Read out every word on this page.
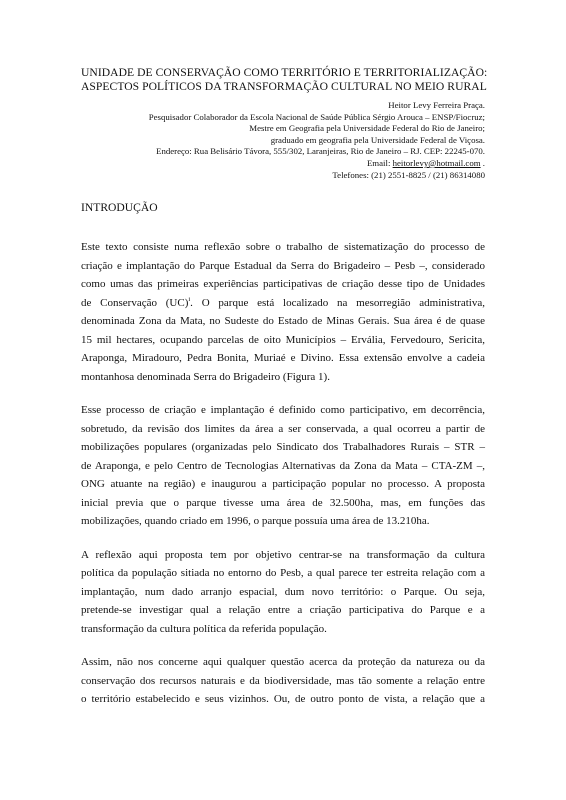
UNIDADE DE CONSERVAÇÃO COMO TERRITÓRIO E TERRITORIALIZAÇÃO:
ASPECTOS POLÍTICOS DA TRANSFORMAÇÃO CULTURAL NO MEIO RURAL
Heitor Levy Ferreira Praça.
Pesquisador Colaborador da Escola Nacional de Saúde Pública Sérgio Arouca – ENSP/Fiocruz;
Mestre em Geografia pela Universidade Federal do Rio de Janeiro;
graduado em geografia pela Universidade Federal de Viçosa.
Endereço: Rua Belisário Távora, 555/302, Laranjeiras, Rio de Janeiro – RJ. CEP: 22245-070.
Email: heitorlevy@hotmail.com .
Telefones: (21) 2551-8825 / (21) 86314080
INTRODUÇÃO
Este texto consiste numa reflexão sobre o trabalho de sistematização do processo de
criação e implantação do Parque Estadual da Serra do Brigadeiro – Pesb –, considerado
como umas das primeiras experiências participativas de criação desse tipo de Unidades
de Conservação (UC)$^i$. O parque está localizado na mesorregião administrativa,
denominada Zona da Mata, no Sudeste do Estado de Minas Gerais. Sua área é de quase
15 mil hectares, ocupando parcelas de oito Municípios – Ervália, Fervedouro, Sericita,
Araponga, Miradouro, Pedra Bonita, Muriaé e Divino. Essa extensão envolve a cadeia
montanhosa denominada Serra do Brigadeiro (Figura 1).
Esse processo de criação e implantação é definido como participativo, em decorrência,
sobretudo, da revisão dos limites da área a ser conservada, a qual ocorreu a partir de
mobilizações populares (organizadas pelo Sindicato dos Trabalhadores Rurais – STR –
de Araponga, e pelo Centro de Tecnologias Alternativas da Zona da Mata – CTA-ZM –,
ONG atuante na região) e inaugurou a participação popular no processo. A proposta
inicial previa que o parque tivesse uma área de 32.500ha, mas, em funções das
mobilizações, quando criado em 1996, o parque possuía uma área de 13.210ha.
A reflexão aqui proposta tem por objetivo centrar-se na transformação da cultura
política da população sitiada no entorno do Pesb, a qual parece ter estreita relação com a
implantação, num dado arranjo espacial, dum novo território: o Parque. Ou seja,
pretende-se investigar qual a relação entre a criação participativa do Parque e a
transformação da cultura política da referida população.
Assim, não nos concerne aqui qualquer questão acerca da proteção da natureza ou da
conservação dos recursos naturais e da biodiversidade, mas tão somente a relação entre
o território estabelecido e seus vizinhos. Ou, de outro ponto de vista, a relação que a
